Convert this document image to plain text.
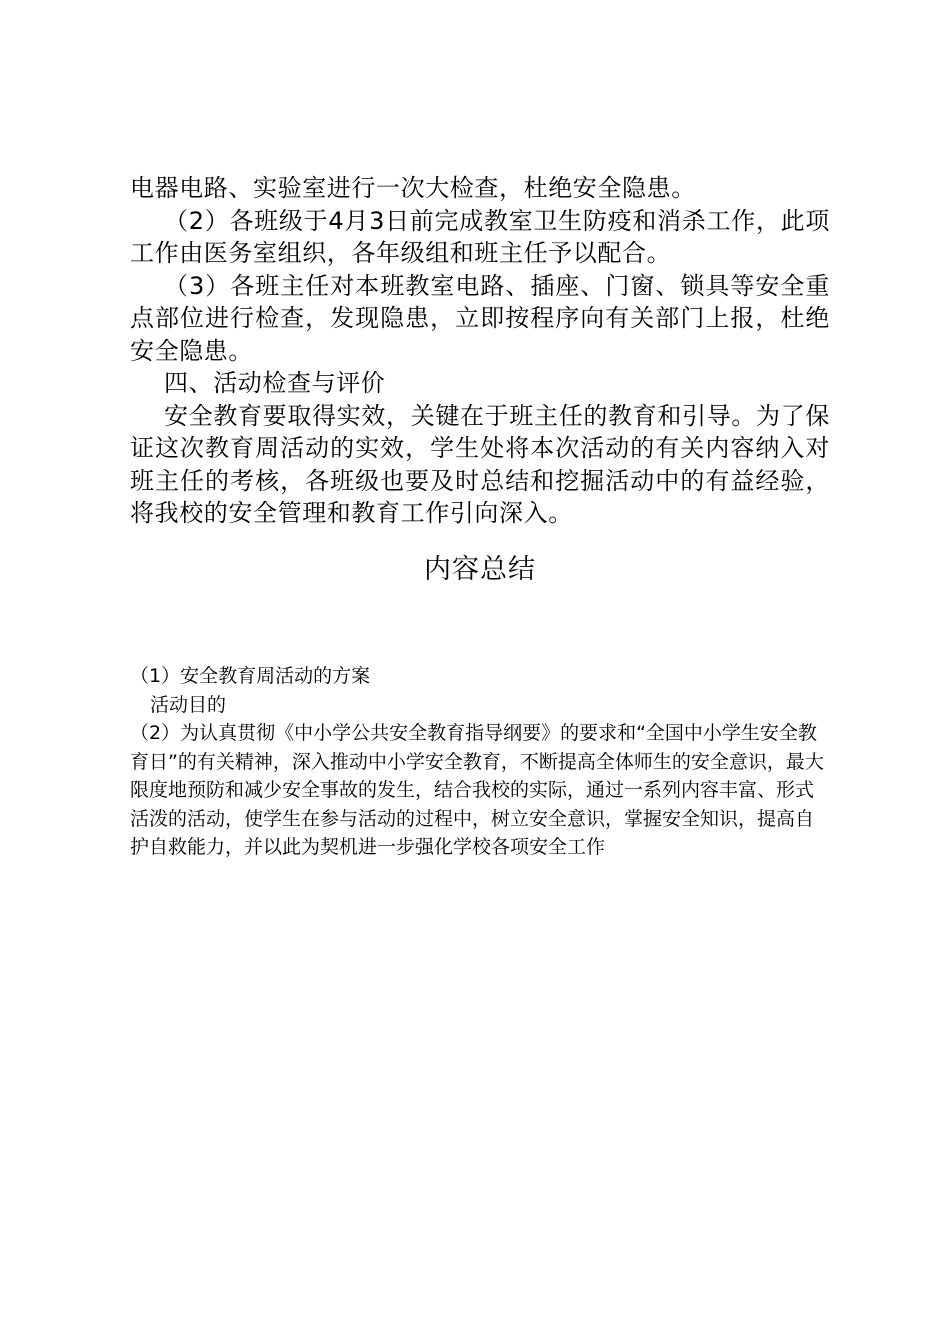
电器电路、实验室进行一次大检查，杜绝安全隐患。

（2）各班级于4月3日前完成教室卫生防疫和消杀工作，此项工作由医务室组织，各年级组和班主任予以配合。

（3）各班主任对本班教室电路、插座、门窗、锁具等安全重点部位进行检查，发现隐患，立即按程序向有关部门上报，杜绝安全隐患。

四、活动检查与评价

安全教育要取得实效，关键在于班主任的教育和引导。为了保证这次教育周活动的实效，学生处将本次活动的有关内容纳入对班主任的考核，各班级也要及时总结和挖掘活动中的有益经验，将我校的安全管理和教育工作引向深入。

内容总结

（1）安全教育周活动的方案

活动目的

（2）为认真贯彻《中小学公共安全教育指导纲要》的要求和“全国中小学生安全教育日”的有关精神，深入推动中小学安全教育，不断提高全体师生的安全意识，最大限度地预防和减少安全事故的发生，结合我校的实际，通过一系列内容丰富、形式活泼的活动，使学生在参与活动的过程中，树立安全意识，掌握安全知识，提高自护自救能力，并以此为契机进一步强化学校各项安全工作
